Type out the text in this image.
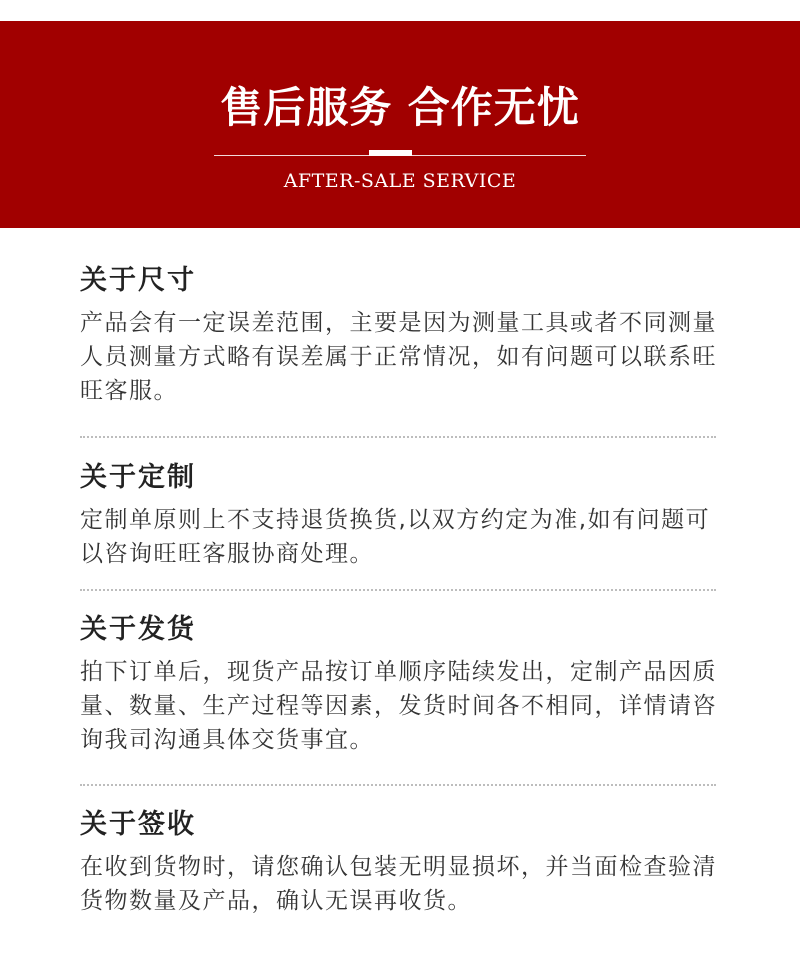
售后服务 合作无忧
AFTER-SALE SERVICE
关于尺寸
产品会有一定误差范围，主要是因为测量工具或者不同测量人员测量方式略有误差属于正常情况，如有问题可以联系旺旺客服。
关于定制
定制单原则上不支持退货换货,以双方约定为准,如有问题可以咨询旺旺客服协商处理。
关于发货
拍下订单后，现货产品按订单顺序陆续发出，定制产品因质量、数量、生产过程等因素，发货时间各不相同，详情请咨询我司沟通具体交货事宜。
关于签收
在收到货物时，请您确认包装无明显损坏，并当面检查验清货物数量及产品，确认无误再收货。
